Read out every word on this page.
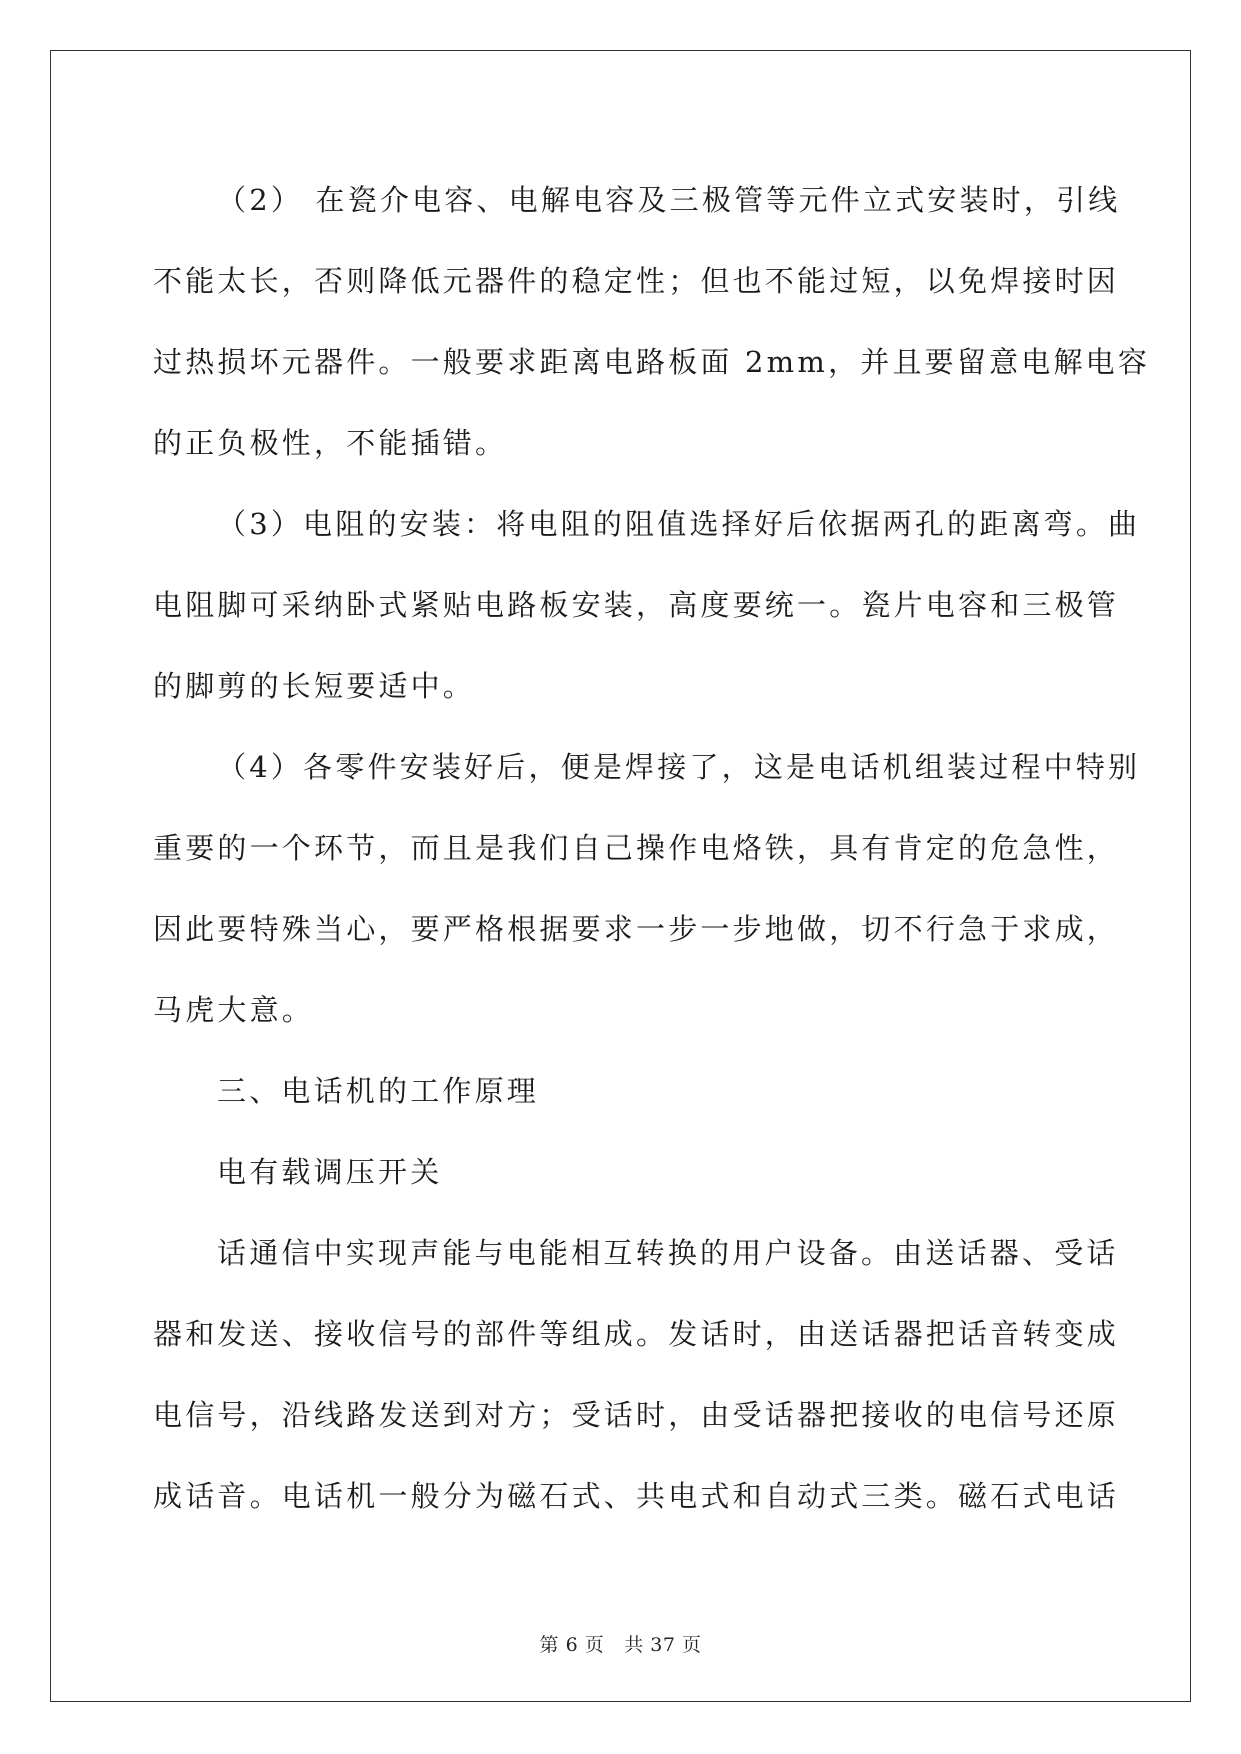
（2） 在瓷介电容、电解电容及三极管等元件立式安装时，引线
不能太长，否则降低元器件的稳定性；但也不能过短，以免焊接时因
过热损坏元器件。一般要求距离电路板面 2mm，并且要留意电解电容
的正负极性，不能插错。
（3）电阻的安装：将电阻的阻值选择好后依据两孔的距离弯。曲
电阻脚可采纳卧式紧贴电路板安装，高度要统一。瓷片电容和三极管
的脚剪的长短要适中。
（4）各零件安装好后，便是焊接了，这是电话机组装过程中特别
重要的一个环节，而且是我们自己操作电烙铁，具有肯定的危急性，
因此要特殊当心，要严格根据要求一步一步地做，切不行急于求成，
马虎大意。
三、电话机的工作原理
电有载调压开关
话通信中实现声能与电能相互转换的用户设备。由送话器、受话
器和发送、接收信号的部件等组成。发话时，由送话器把话音转变成
电信号，沿线路发送到对方；受话时，由受话器把接收的电信号还原
成话音。电话机一般分为磁石式、共电式和自动式三类。磁石式电话

第 6 页 共 37 页
